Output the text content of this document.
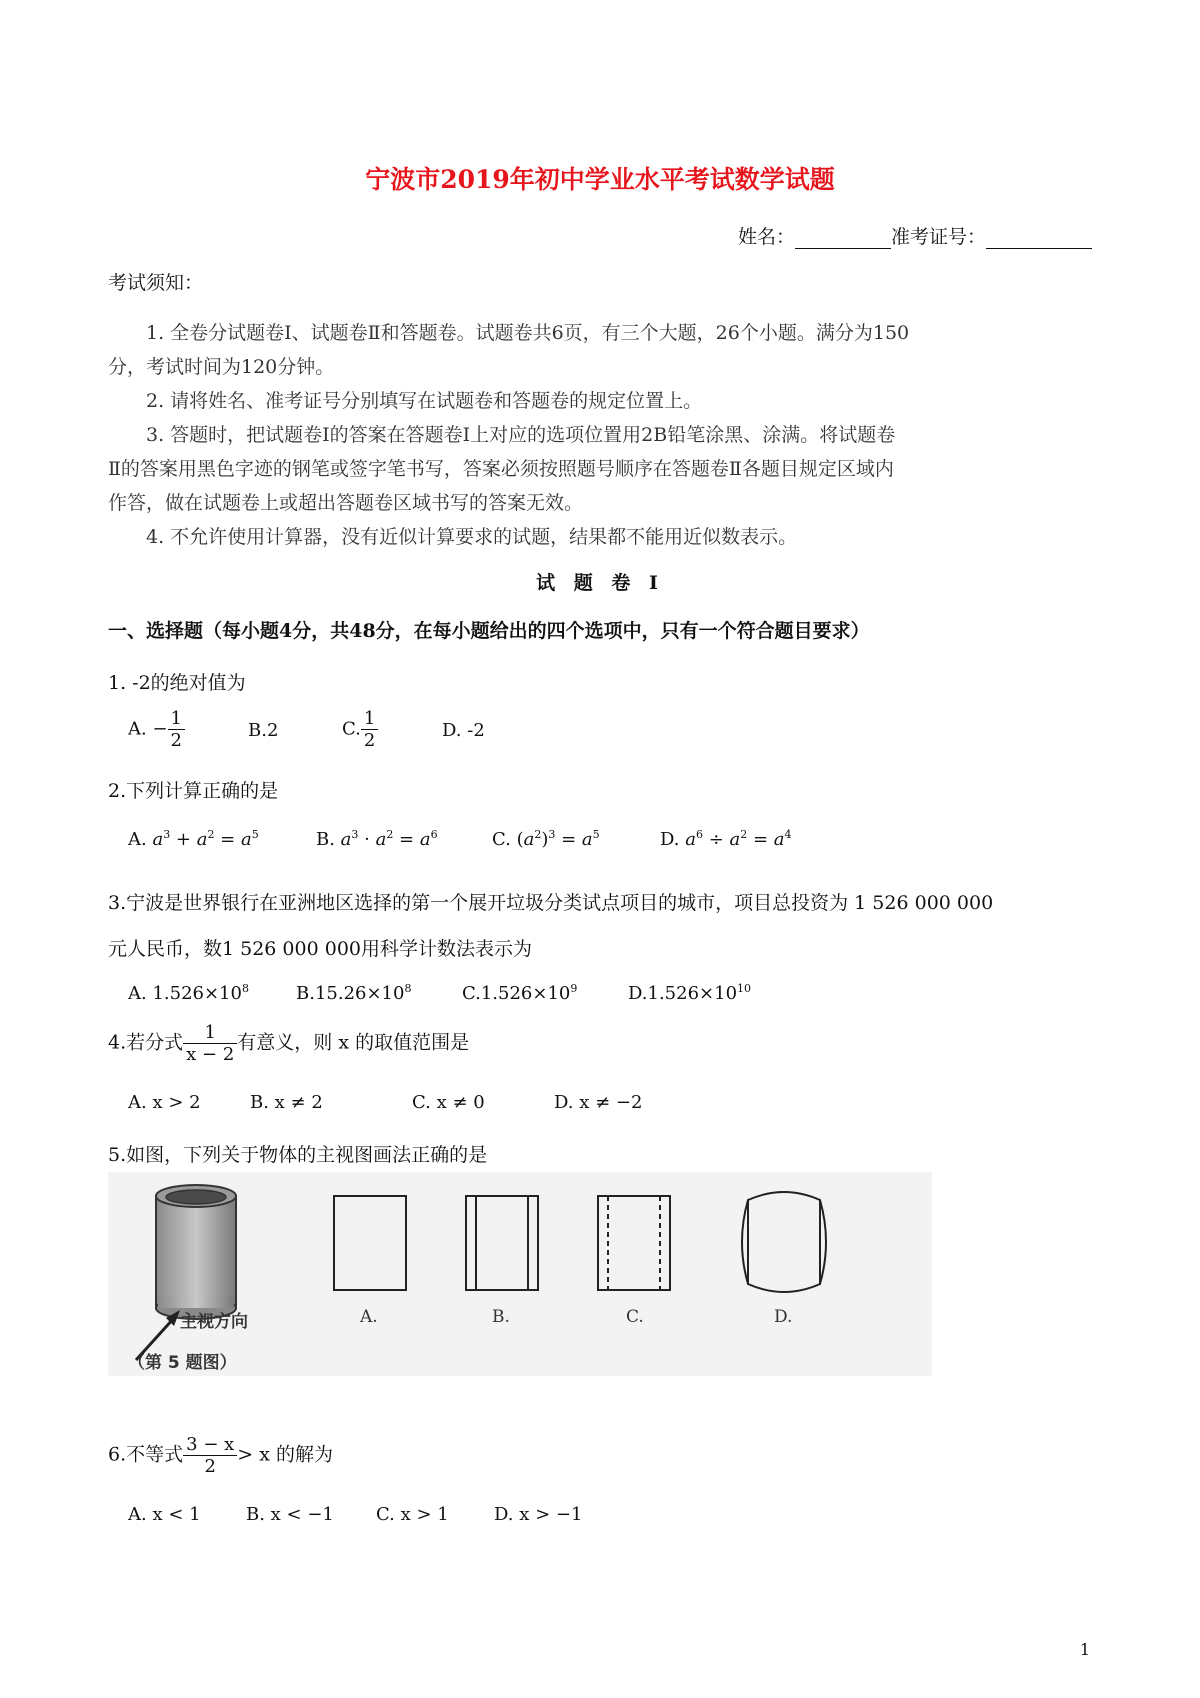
宁波市2019年初中学业水平考试数学试题
姓名：	准考证号：
考试须知：
1. 全卷分试题卷Ⅰ、试题卷Ⅱ和答题卷。试题卷共6页，有三个大题，26个小题。满分为150
分，考试时间为120分钟。
2. 请将姓名、准考证号分别填写在试题卷和答题卷的规定位置上。
3. 答题时，把试题卷Ⅰ的答案在答题卷Ⅰ上对应的选项位置用2B铅笔涂黑、涂满。将试题卷
Ⅱ的答案用黑色字迹的钢笔或签字笔书写，答案必须按照题号顺序在答题卷Ⅱ各题目规定区域内
作答，做在试题卷上或超出答题卷区域书写的答案无效。
4. 不允许使用计算器，没有近似计算要求的试题，结果都不能用近似数表示。
试 题 卷 Ⅰ
一、选择题（每小题4分，共48分，在每小题给出的四个选项中，只有一个符合题目要求）
1. -2的绝对值为
A. − $\frac{1}{2}$	B.2	C. $\frac{1}{2}$	D. -2
2.下列计算正确的是
A. $a^3 + a^2 = a^5$	B. $a^3 \cdot a^2 = a^6$	C. $(a^2)^3 = a^5$	D. $a^6 \div a^2 = a^4$
3.宁波是世界银行在亚洲地区选择的第一个展开垃圾分类试点项目的城市，项目总投资为 1 526 000 000
元人民币，数1 526 000 000用科学计数法表示为
A. $1.526\times 10^8$	$B.15.26\times 10^8$	$C.1.526\times 10^9$	$D.1.526\times 10^{10}$
4.若分式 $\frac{1}{x - 2}$ 有意义，则 x 的取值范围是
A. x > 2	B. x ≠ 2	C. x ≠ 0	D. x ≠ −2
5.如图，下列关于物体的主视图画法正确的是
主视方向
（第 5 题图）
A.	B.	C.	D.
6.不等式 $\frac{3 - x}{2} > x$ 的解为
A. x < 1	B. x < −1 C. x > 1	D. x > −1
1
